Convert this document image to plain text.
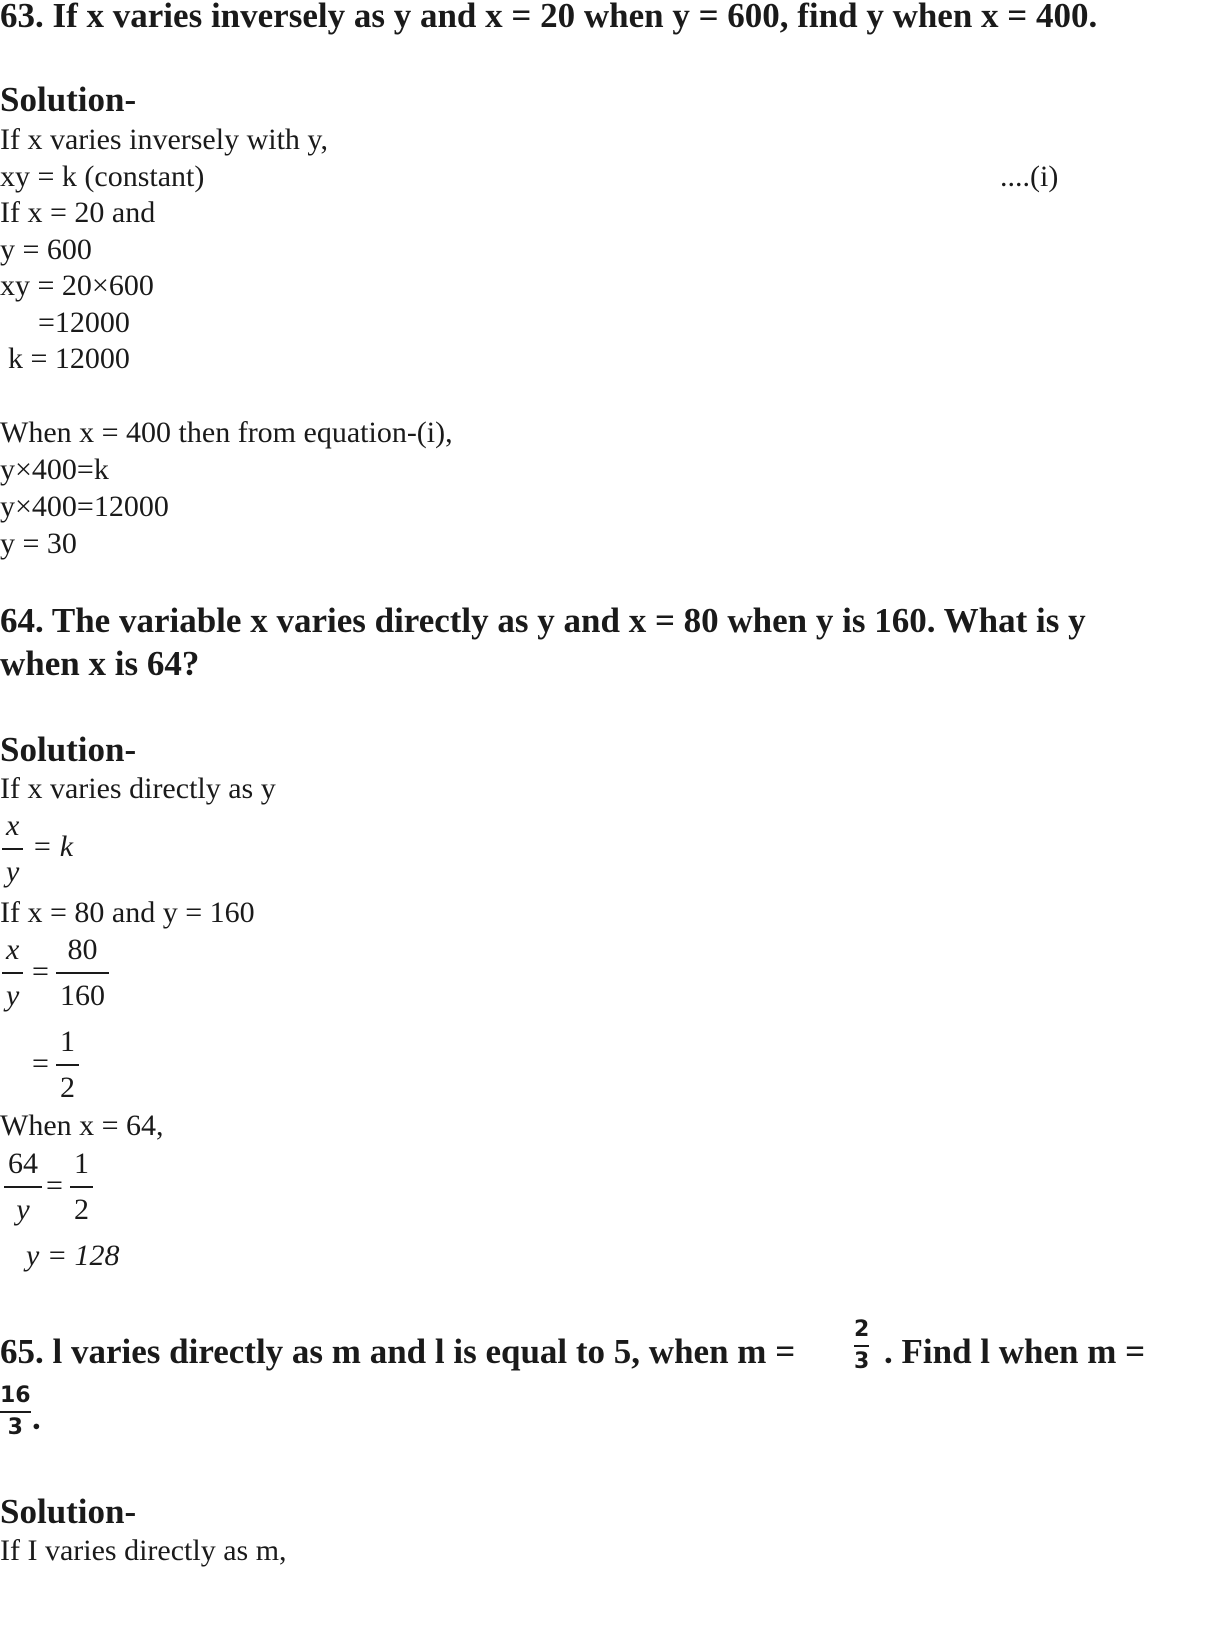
63. If x varies inversely as y and x = 20 when y = 600, find y when x = 400.
Solution-
If x varies inversely with y,
xy = k (constant)	....(i)
If x = 20 and
y = 600
xy = 20×600
=12000
k = 12000
When x = 400 then from equation-(i),
y×400=k
y×400=12000
y = 30
64. The variable x varies directly as y and x = 80 when y is 160. What is y
when x is 64?
Solution-
If x varies directly as y
x
y
= k
If x = 80 and y = 160
x
y
=
80
160
=
1
2
When x = 64,
64
y
=
1
2
y = 128
65. l varies directly as m and l is equal to 5, when m =
2
3 . Find l when m =
16
3 .
Solution-
If I varies directly as m,
